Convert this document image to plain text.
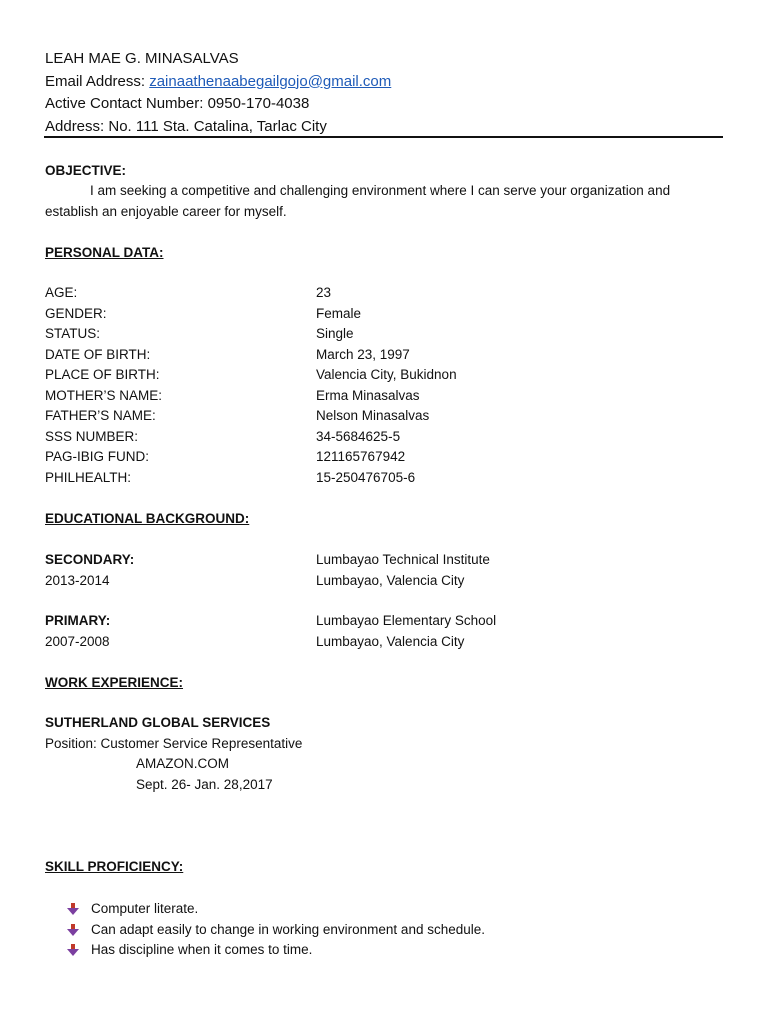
LEAH MAE G. MINASALVAS
Email Address: zainaathenaabegailgojo@gmail.com
Active Contact Number: 0950-170-4038
Address: No. 111 Sta. Catalina, Tarlac City
OBJECTIVE:
I am seeking a competitive and challenging environment where I can serve your organization and establish an enjoyable career for myself.
PERSONAL DATA:
AGE:	23
GENDER:	Female
STATUS:	Single
DATE OF BIRTH:	March 23, 1997
PLACE OF BIRTH:	Valencia City, Bukidnon
MOTHER’S NAME:	Erma Minasalvas
FATHER’S NAME:	Nelson Minasalvas
SSS NUMBER:	34-5684625-5
PAG-IBIG FUND:	121165767942
PHILHEALTH:	15-250476705-6
EDUCATIONAL BACKGROUND:
SECONDARY:	Lumbayao Technical Institute
2013-2014	Lumbayao, Valencia City
PRIMARY:	Lumbayao Elementary School
2007-2008	Lumbayao, Valencia City
WORK EXPERIENCE:
SUTHERLAND GLOBAL SERVICES
Position: Customer Service Representative
AMAZON.COM
Sept. 26- Jan. 28,2017
SKILL PROFICIENCY:
Computer literate.
Can adapt easily to change in working environment and schedule.
Has discipline when it comes to time.
